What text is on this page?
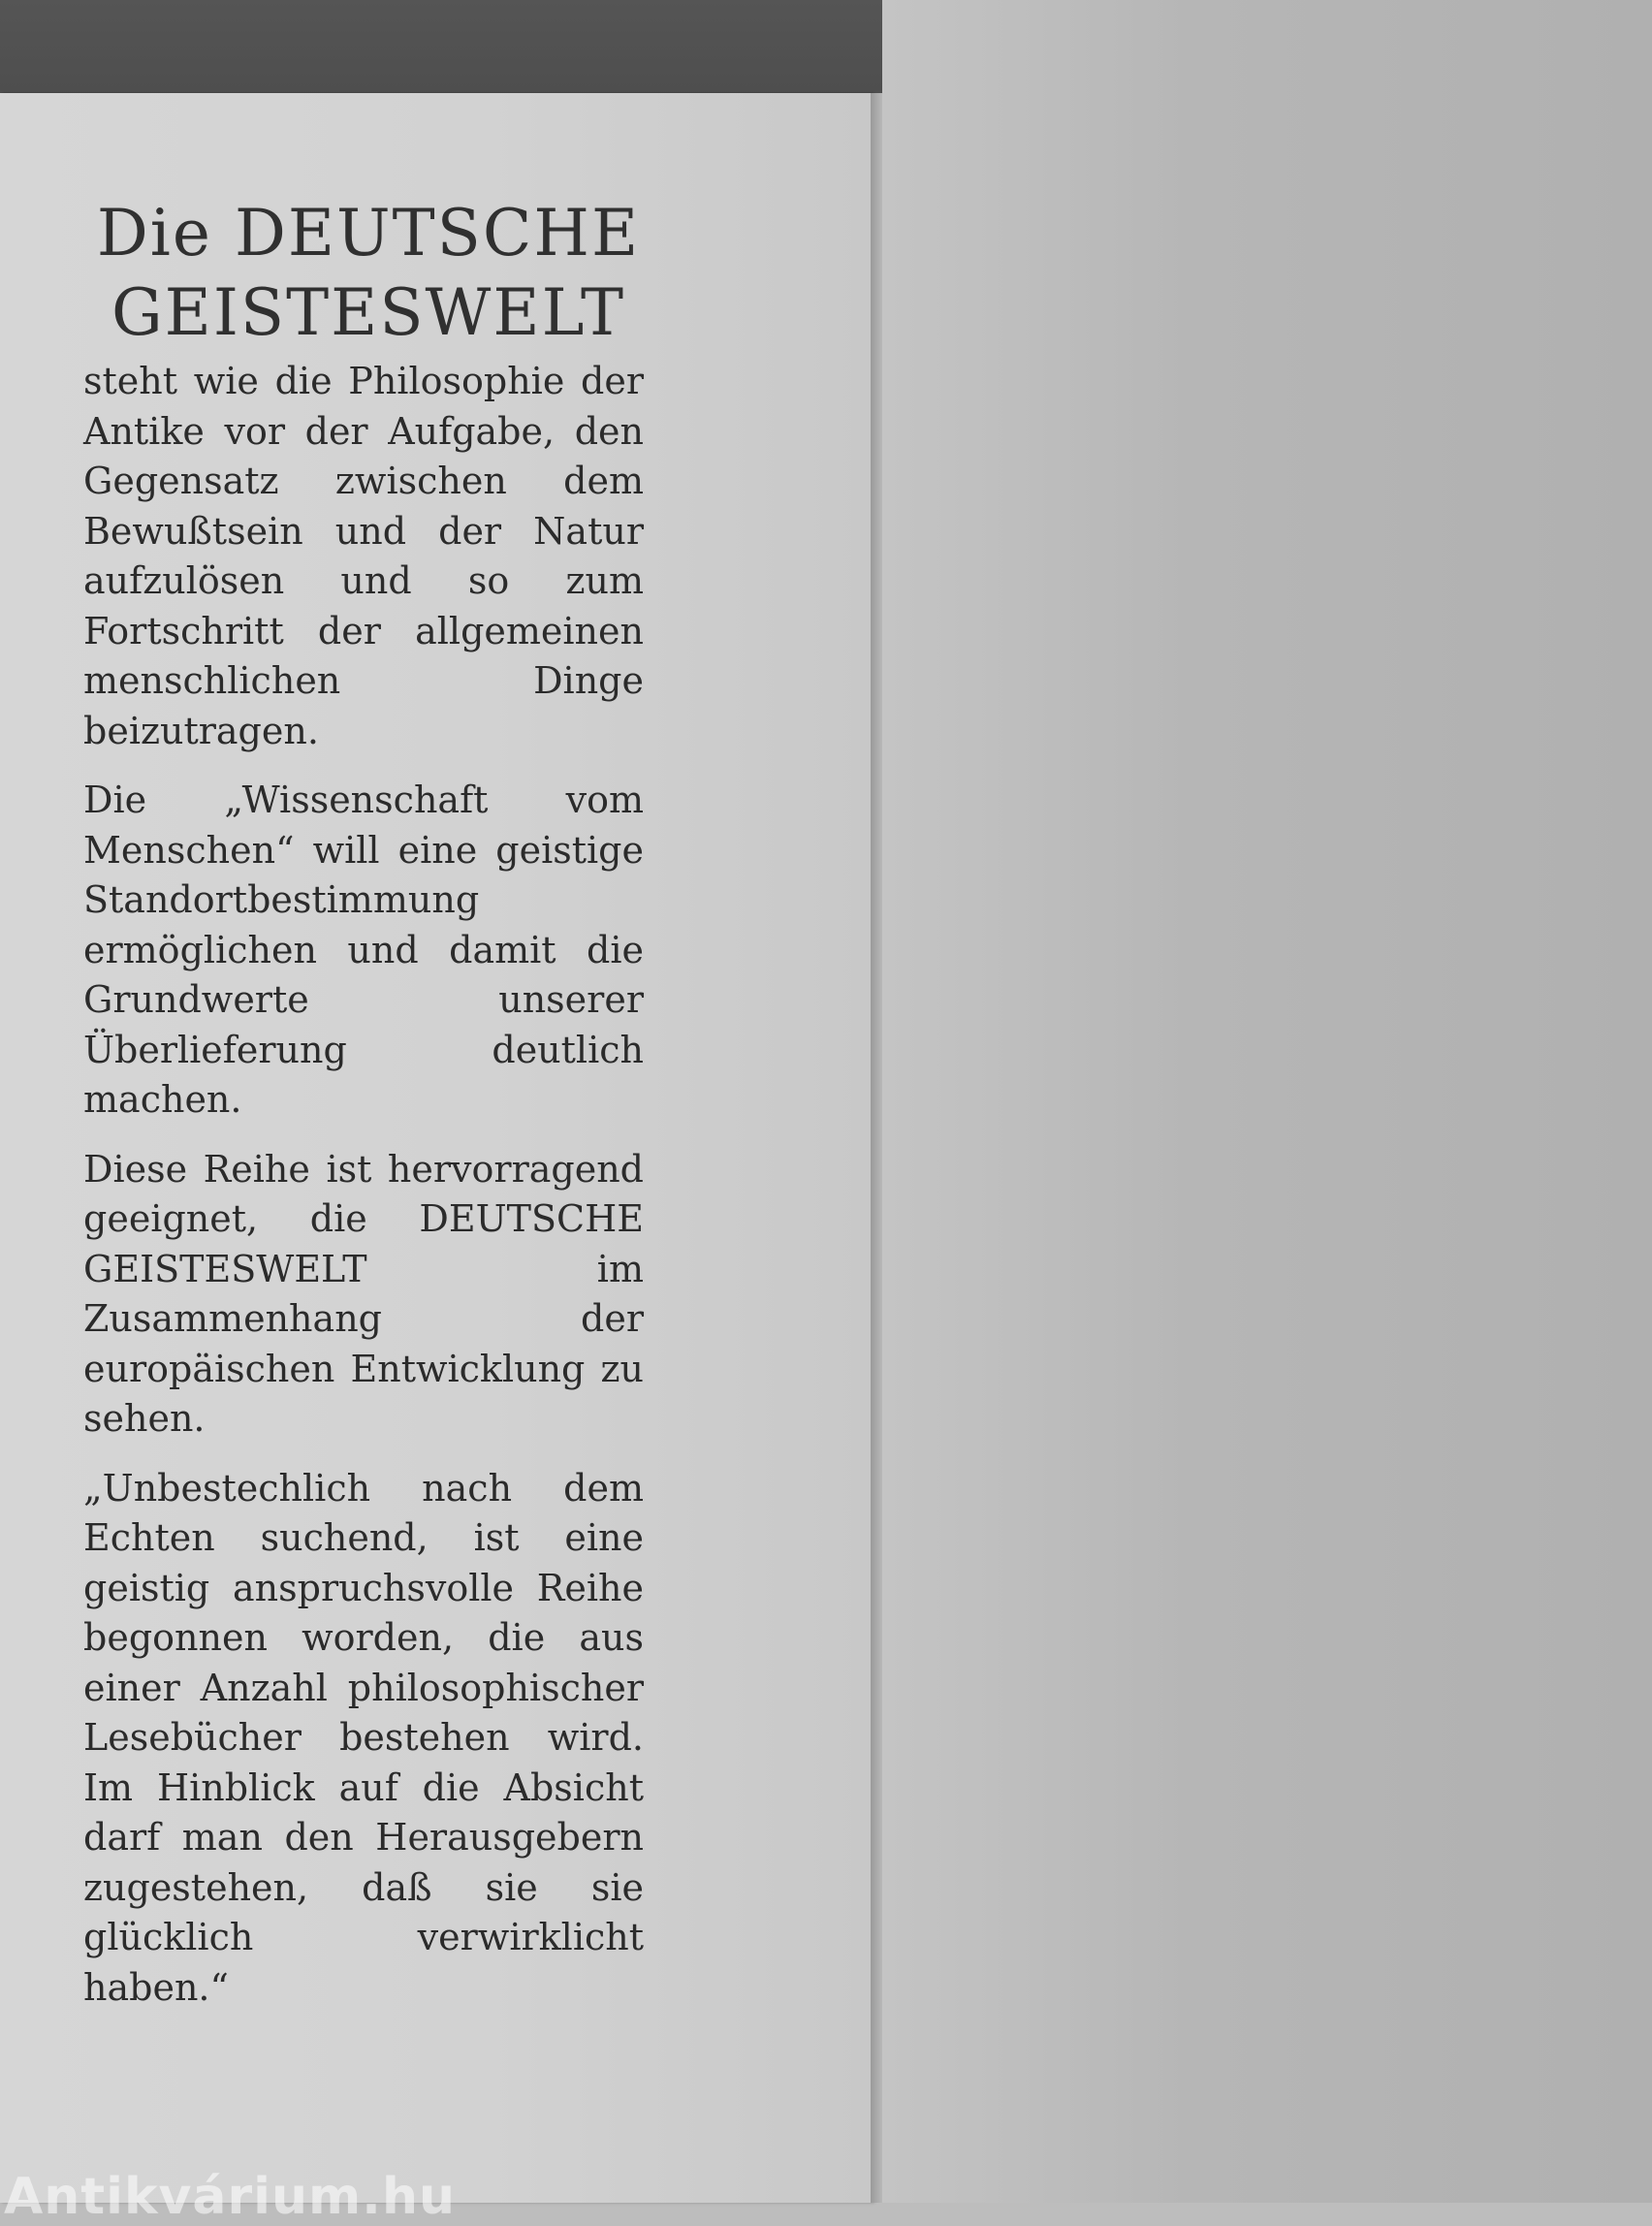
Die DEUTSCHE
GEISTESWELT

steht wie die Philosophie der Antike vor der Aufgabe, den Gegensatz zwischen dem Bewußtsein und der Natur aufzulösen und so zum Fortschritt der allgemeinen menschlichen Dinge beizutragen.

Die „Wissenschaft vom Menschen“ will eine geistige Standortbestimmung ermöglichen und damit die Grundwerte unserer Überlieferung deutlich machen.

Diese Reihe ist hervorragend geeignet, die DEUTSCHE GEISTESWELT im Zusammenhang der europäischen Entwicklung zu sehen.

„Unbestechlich nach dem Echten suchend, ist eine geistig anspruchsvolle Reihe begonnen worden, die aus einer Anzahl philosophischer Lesebücher bestehen wird. Im Hinblick auf die Absicht darf man den Herausgebern zugestehen, daß sie sie glücklich verwirklicht haben.“

Antikvárium.hu
